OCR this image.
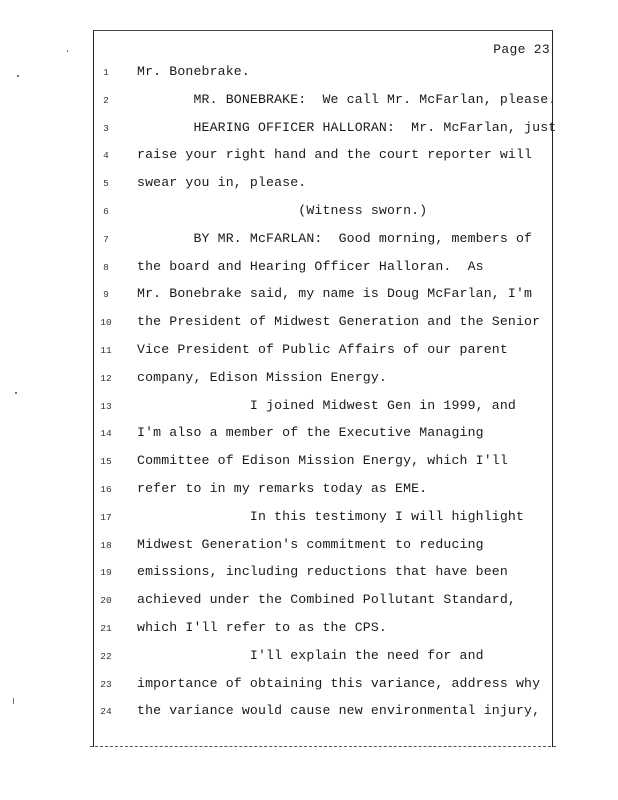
Page 23
1	Mr. Bonebrake.
2	MR. BONEBRAKE:  We call Mr. McFarlan, please.
3	HEARING OFFICER HALLORAN:  Mr. McFarlan, just
4	raise your right hand and the court reporter will
5	swear you in, please.
6	(Witness sworn.)
7	BY MR. McFARLAN:  Good morning, members of
8	the board and Hearing Officer Halloran.  As
9	Mr. Bonebrake said, my name is Doug McFarlan, I'm
10	the President of Midwest Generation and the Senior
11	Vice President of Public Affairs of our parent
12	company, Edison Mission Energy.
13	I joined Midwest Gen in 1999, and
14	I'm also a member of the Executive Managing
15	Committee of Edison Mission Energy, which I'll
16	refer to in my remarks today as EME.
17	In this testimony I will highlight
18	Midwest Generation's commitment to reducing
19	emissions, including reductions that have been
20	achieved under the Combined Pollutant Standard,
21	which I'll refer to as the CPS.
22	I'll explain the need for and
23	importance of obtaining this variance, address why
24	the variance would cause new environmental injury,
